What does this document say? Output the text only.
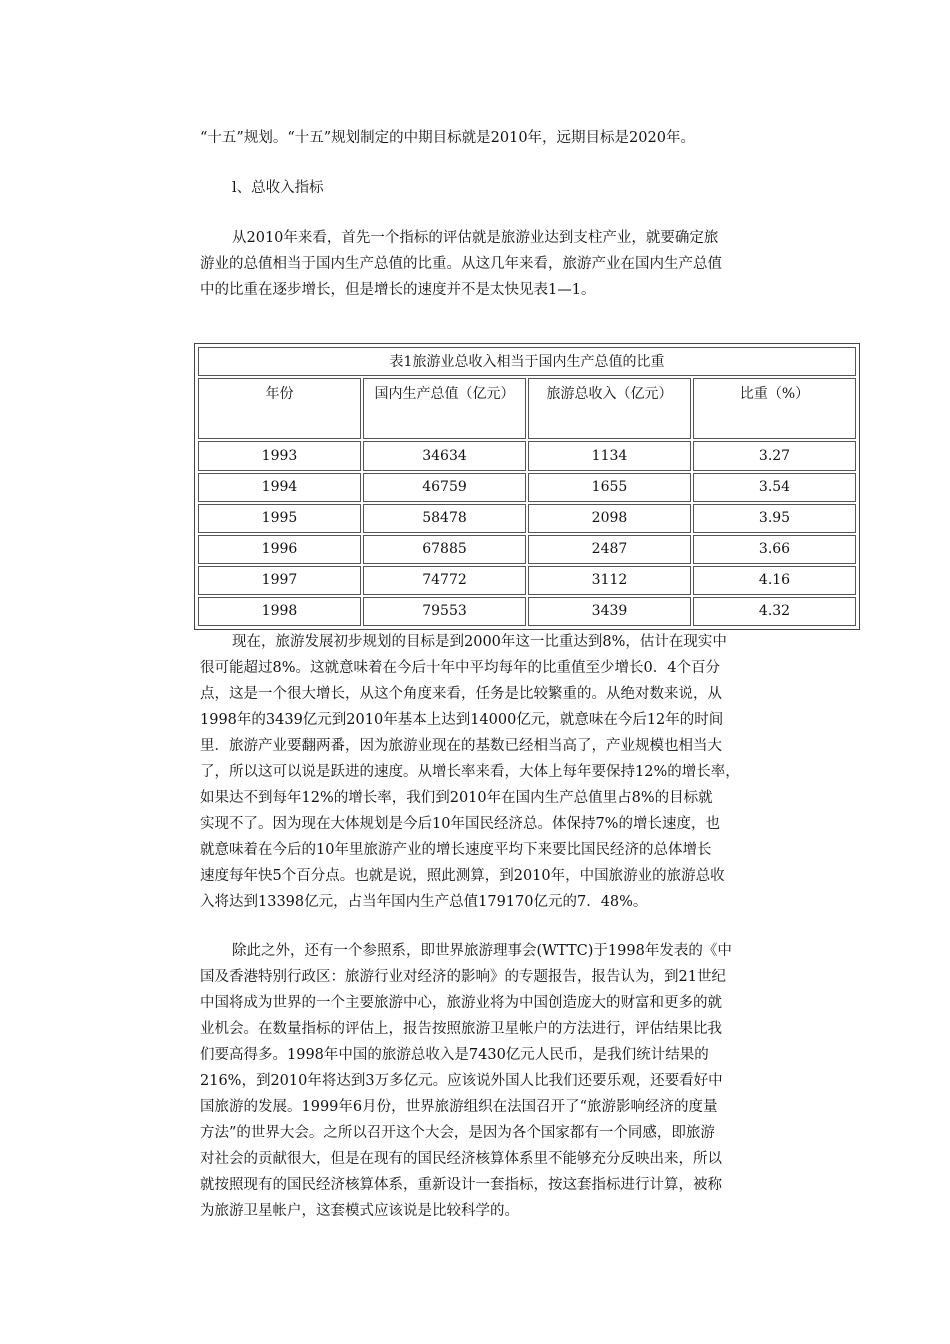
“十五”规划。“十五”规划制定的中期目标就是2010年，远期目标是2020年。
l、总收入指标
从2010年来看，首先一个指标的评估就是旅游业达到支柱产业，就要确定旅
游业的总值相当于国内生产总值的比重。从这几年来看，旅游产业在国内生产总值
中的比重在逐步增长，但是增长的速度并不是太快见表1—1。
表1旅游业总收入相当于国内生产总值的比重			
年份	国内生产总值（亿元）	旅游总收入（亿元）	比重（%）
1993	34634	1134	3.27
1994	46759	1655	3.54
1995	58478	2098	3.95
1996	67885	2487	3.66
1997	74772	3112	4.16
1998	79553	3439	4.32
现在，旅游发展初步规划的目标是到2000年这一比重达到8%，估计在现实中
很可能超过8%。这就意味着在今后十年中平均每年的比重值至少增长0．4个百分
点，这是一个很大增长，从这个角度来看，任务是比较繁重的。从绝对数来说，从
1998年的3439亿元到2010年基本上达到14000亿元，就意味在今后12年的时间
里．旅游产业要翻两番，因为旅游业现在的基数已经相当高了，产业规模也相当大
了，所以这可以说是跃进的速度。从增长率来看，大体上每年要保持12%的增长率，
如果达不到每年12%的增长率，我们到2010年在国内生产总值里占8%的目标就
实现不了。因为现在大体规划是今后10年国民经济总。体保持7%的增长速度，也
就意味着在今后的10年里旅游产业的增长速度平均下来要比国民经济的总体增长
速度每年快5个百分点。也就是说，照此测算，到2010年，中国旅游业的旅游总收
入将达到13398亿元，占当年国内生产总值179170亿元的7．48%。
除此之外，还有一个参照系，即世界旅游理事会(WTTC)于1998年发表的《中
国及香港特别行政区：旅游行业对经济的影响》的专题报告，报告认为，到21世纪
中国将成为世界的一个主要旅游中心，旅游业将为中国创造庞大的财富和更多的就
业机会。在数量指标的评估上，报告按照旅游卫星帐户的方法进行，评估结果比我
们要高得多。1998年中国的旅游总收入是7430亿元人民币，是我们统计结果的
216%，到2010年将达到3万多亿元。应该说外国人比我们还要乐观，还要看好中
国旅游的发展。1999年6月份，世界旅游组织在法国召开了“旅游影响经济的度量
方法”的世界大会。之所以召开这个大会，是因为各个国家都有一个同感，即旅游
对社会的贡献很大，但是在现有的国民经济核算体系里不能够充分反映出来，所以
就按照现有的国民经济核算体系，重新设计一套指标，按这套指标进行计算，被称
为旅游卫星帐户，这套模式应该说是比较科学的。
